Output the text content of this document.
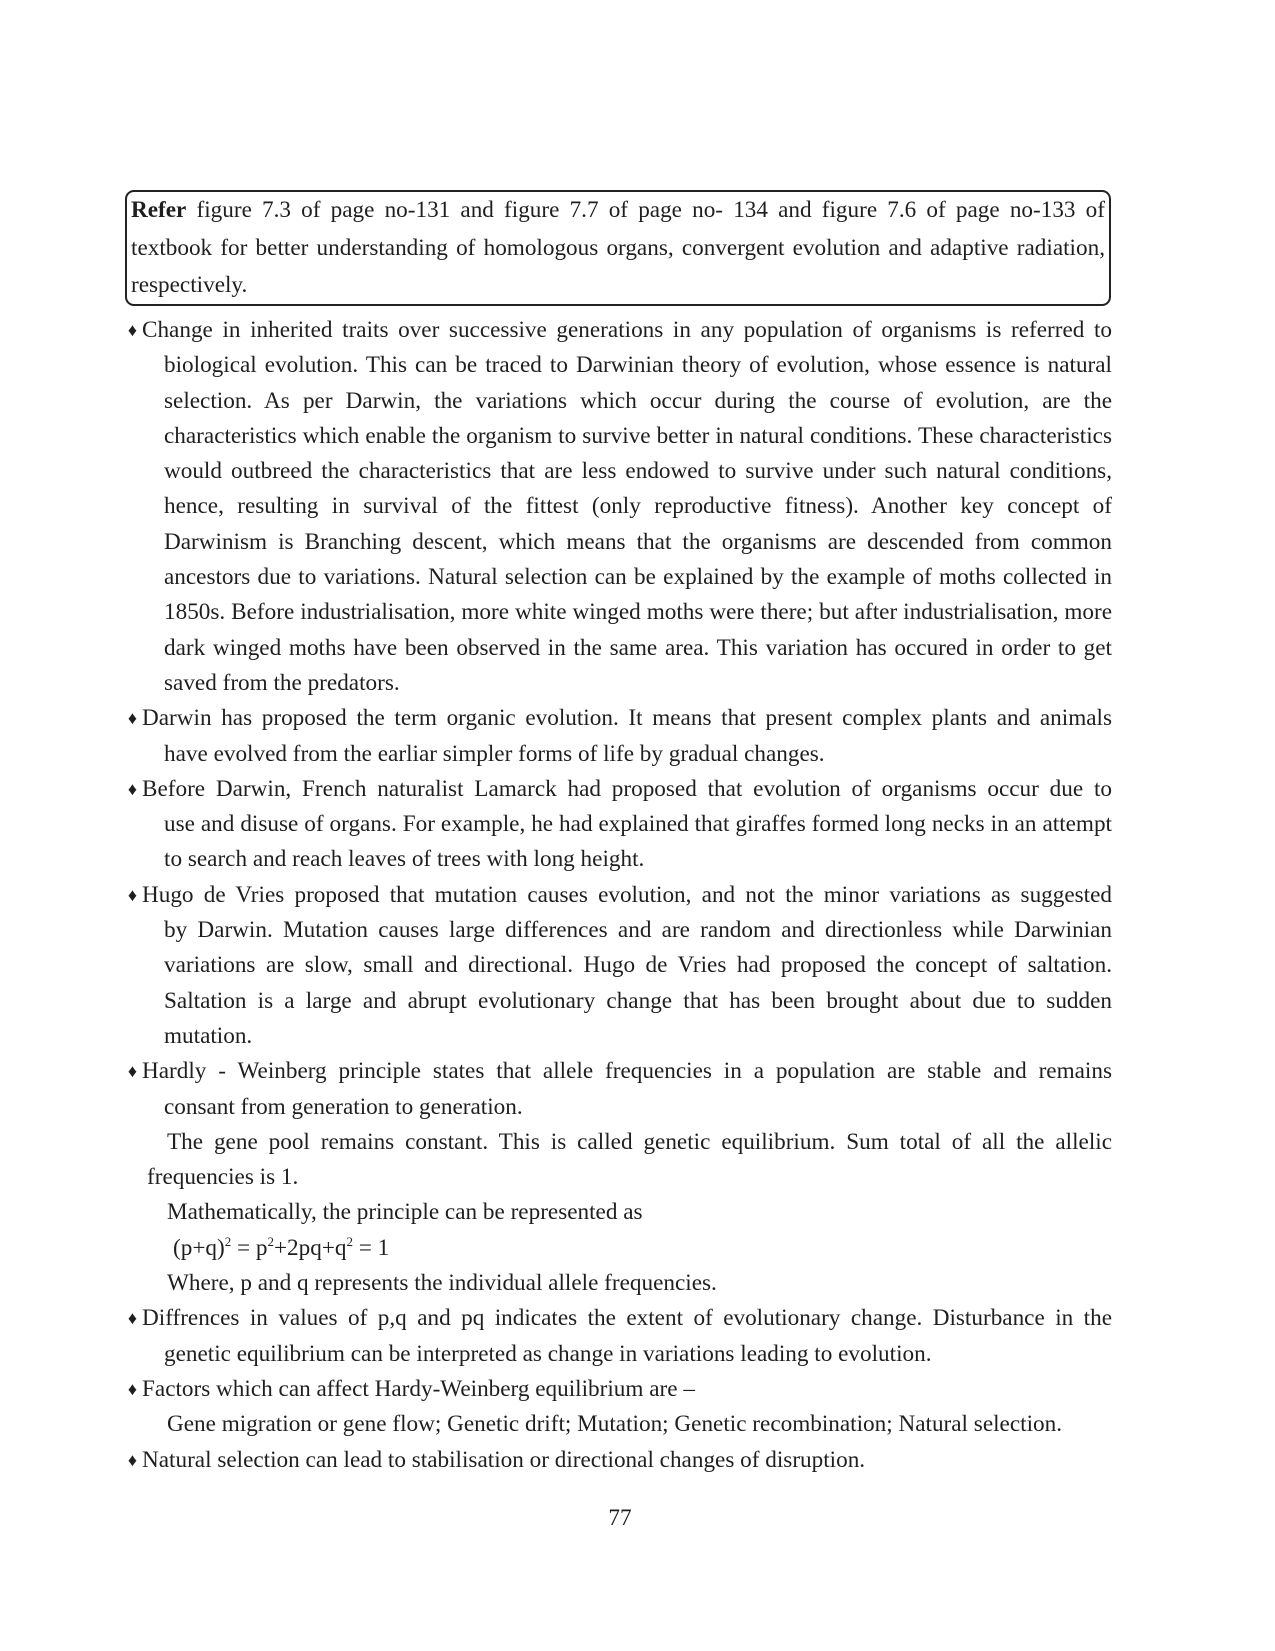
Refer figure 7.3 of page no-131 and figure 7.7 of page no- 134 and figure 7.6 of page no-133 of
textbook for better understanding of homologous organs, convergent evolution and adaptive radiation,
respectively.
♦ Change in inherited traits over successive generations in any population of organisms is referred to
biological evolution. This can be traced to Darwinian theory of evolution, whose essence is natural selection. As per Darwin, the variations which occur during the course of evolution, are the characteristics which enable the organism to survive better in natural conditions. These characteristics would outbreed the characteristics that are less endowed to survive under such natural conditions, hence, resulting in survival of the fittest (only reproductive fitness). Another key concept of Darwinism is Branching descent, which means that the organisms are descended from common ancestors due to variations. Natural selection can be explained by the example of moths collected in 1850s. Before industrialisation, more white winged moths were there; but after industrialisation, more dark winged moths have been observed in the same area. This variation has occured in order to get saved from the predators.
♦ Darwin has proposed the term organic evolution. It means that present complex plants and animals
have evolved from the earliar simpler forms of life by gradual changes.
♦ Before Darwin, French naturalist Lamarck had proposed that evolution of organisms occur due to
use and disuse of organs. For example, he had explained that giraffes formed long necks in an attempt to search and reach leaves of trees with long height.
♦ Hugo de Vries proposed that mutation causes evolution, and not the minor variations as suggested
by Darwin. Mutation causes large differences and are random and directionless while Darwinian variations are slow, small and directional. Hugo de Vries had proposed the concept of saltation. Saltation is a large and abrupt evolutionary change that has been brought about due to sudden mutation.
♦ Hardly - Weinberg principle states that allele frequencies in a population are stable and remains
consant from generation to generation.
The gene pool remains constant. This is called genetic equilibrium. Sum total of all the allelic
frequencies is 1.
Mathematically, the principle can be represented as
$(p+q)^2 = p^2+2pq+q^2 = 1$
Where, p and q represents the individual allele frequencies.
♦ Diffrences in values of p,q and pq indicates the extent of evolutionary change. Disturbance in the
genetic equilibrium can be interpreted as change in variations leading to evolution.
♦ Factors which can affect Hardy-Weinberg equilibrium are –
Gene migration or gene flow; Genetic drift; Mutation; Genetic recombination; Natural selection.
♦ Natural selection can lead to stabilisation or directional changes of disruption.
77
